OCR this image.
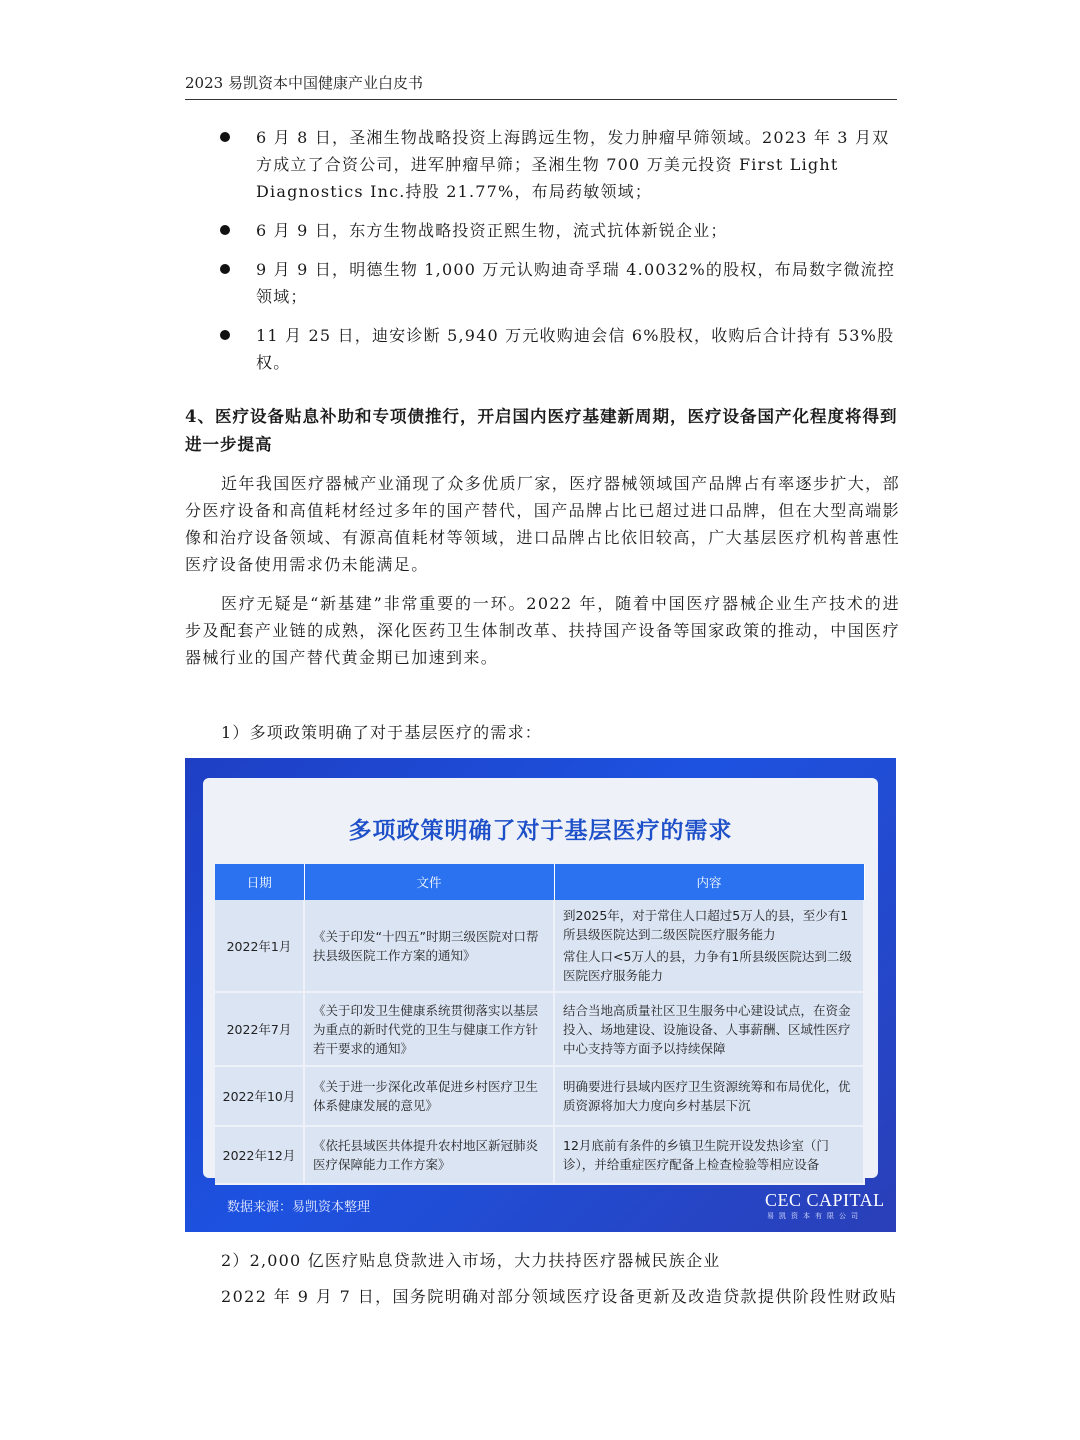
2023 易凯资本中国健康产业白皮书
6 月 8 日，圣湘生物战略投资上海鹍远生物，发力肿瘤早筛领域。2023 年 3 月双方成立了合资公司，进军肿瘤早筛；圣湘生物 700 万美元投资 First Light Diagnostics Inc.持股 21.77%，布局药敏领域；
6 月 9 日，东方生物战略投资正熙生物，流式抗体新锐企业；
9 月 9 日，明德生物 1,000 万元认购迪奇孚瑞 4.0032%的股权，布局数字微流控领域；
11 月 25 日，迪安诊断 5,940 万元收购迪会信 6%股权，收购后合计持有 53%股权。
4、医疗设备贴息补助和专项债推行，开启国内医疗基建新周期，医疗设备国产化程度将得到进一步提高
近年我国医疗器械产业涌现了众多优质厂家，医疗器械领域国产品牌占有率逐步扩大，部分医疗设备和高值耗材经过多年的国产替代，国产品牌占比已超过进口品牌，但在大型高端影像和治疗设备领域、有源高值耗材等领域，进口品牌占比依旧较高，广大基层医疗机构普惠性医疗设备使用需求仍未能满足。
医疗无疑是“新基建”非常重要的一环。2022 年，随着中国医疗器械企业生产技术的进步及配套产业链的成熟，深化医药卫生体制改革、扶持国产设备等国家政策的推动，中国医疗器械行业的国产替代黄金期已加速到来。
1）多项政策明确了对于基层医疗的需求：
多项政策明确了对于基层医疗的需求
日期	文件	内容
2022年1月	《关于印发“十四五”时期三级医院对口帮扶县级医院工作方案的通知》	到2025年，对于常住人口超过5万人的县，至少有1所县级医院达到二级医院医疗服务能力
常住人口<5万人的县，力争有1所县级医院达到二级医院医疗服务能力

2022年7月	《关于印发卫生健康系统贯彻落实以基层为重点的新时代党的卫生与健康工作方针若干要求的通知》	结合当地高质量社区卫生服务中心建设试点，在资金投入、场地建设、设施设备、人事薪酬、区域性医疗中心支持等方面予以持续保障

2022年10月	《关于进一步深化改革促进乡村医疗卫生体系健康发展的意见》	明确要进行县域内医疗卫生资源统筹和布局优化，优质资源将加大力度向乡村基层下沉

2022年12月	《依托县域医共体提升农村地区新冠肺炎医疗保障能力工作方案》	12月底前有条件的乡镇卫生院开设发热诊室（门诊），并给重症医疗配备上检查检验等相应设备
数据来源：易凯资本整理	CEC CAPITAL
易凯资本有限公司
2）2,000 亿医疗贴息贷款进入市场，大力扶持医疗器械民族企业
2022 年 9 月 7 日，国务院明确对部分领域医疗设备更新及改造贷款提供阶段性财政贴
